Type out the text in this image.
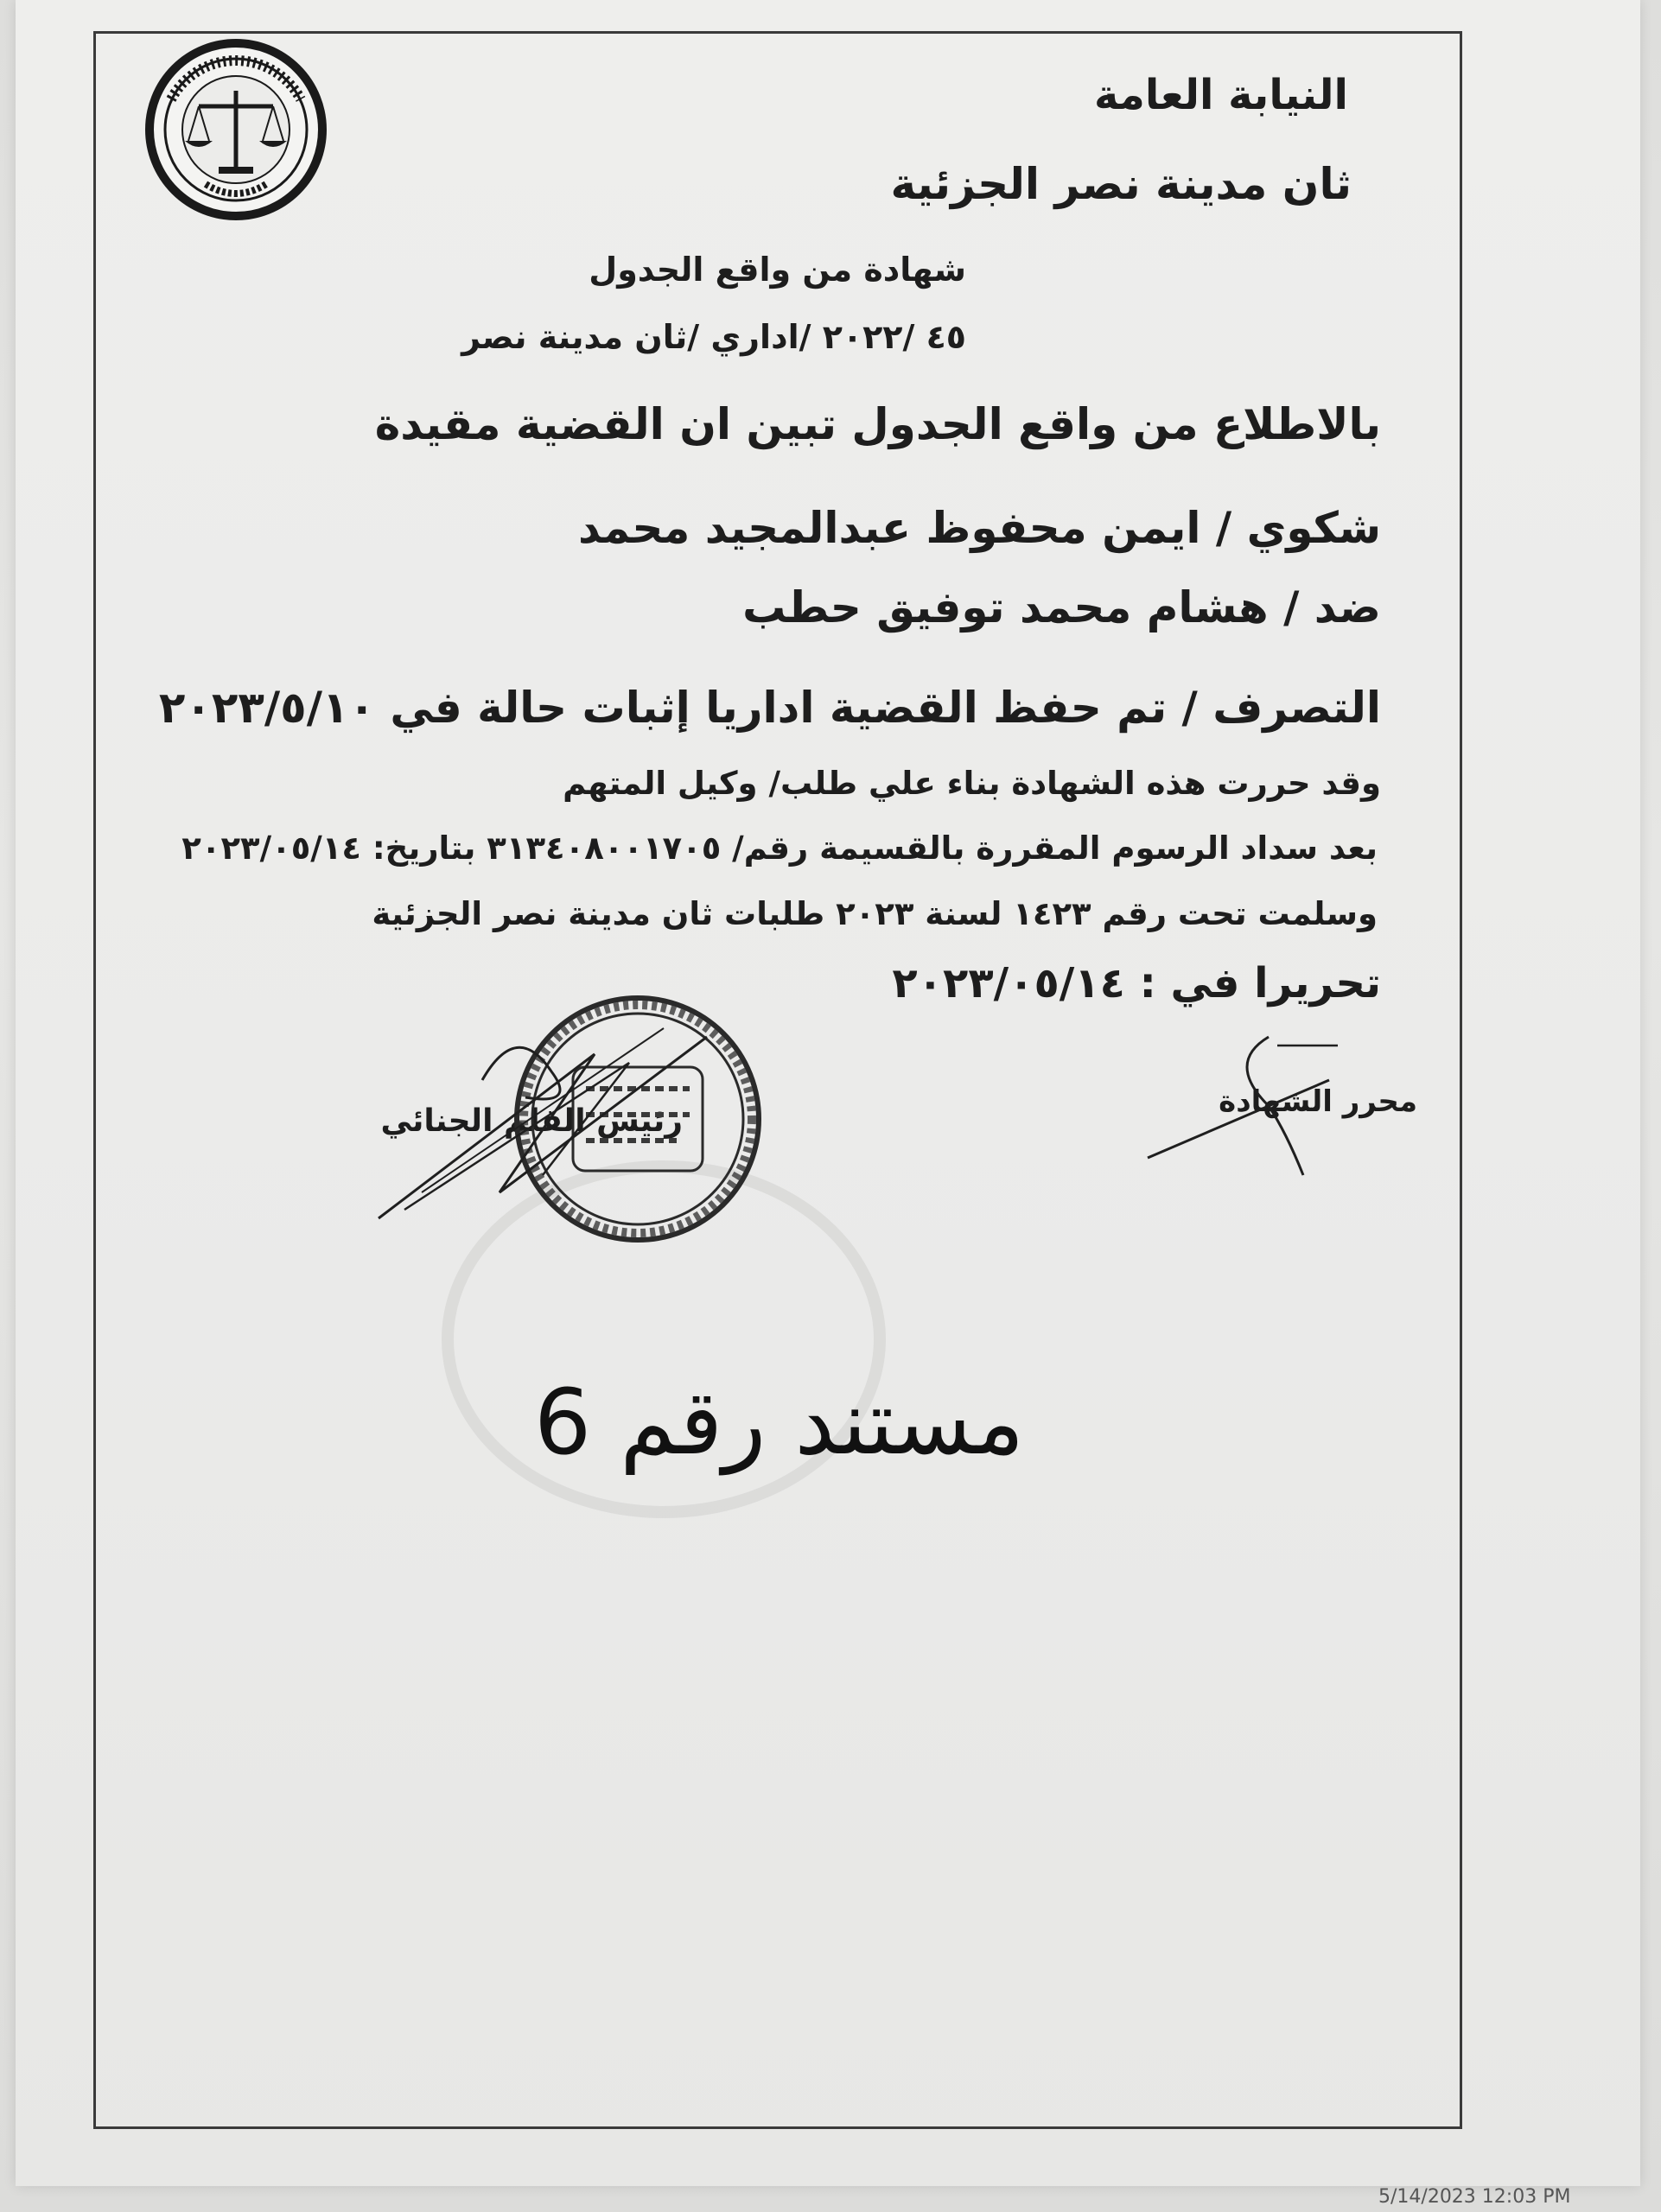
النيابة العامة
ثان مدينة نصر الجزئية
شهادة من واقع الجدول
٤٥ /٢٠٢٢ /اداري /ثان مدينة نصر
بالاطلاع من واقع الجدول تبين ان القضية مقيدة
شكوي / ايمن محفوظ عبدالمجيد محمد
ضد / هشام محمد توفيق حطب
التصرف / تم حفظ القضية اداريا إثبات حالة في ٢٠٢٣/٥/١٠
وقد حررت هذه الشهادة بناء علي طلب/ وكيل المتهم
بعد سداد الرسوم المقررة بالقسيمة رقم/ ٣١٣٤٠٨٠٠١٧٠٥ بتاريخ: ٢٠٢٣/٠٥/١٤
وسلمت تحت رقم ١٤٢٣ لسنة ٢٠٢٣ طلبات ثان مدينة نصر الجزئية
تحريرا في : ٢٠٢٣/٠٥/١٤
محرر الشهادة
رئيس القلم الجنائي
مستند رقم 6
5/14/2023 12:03 PM
